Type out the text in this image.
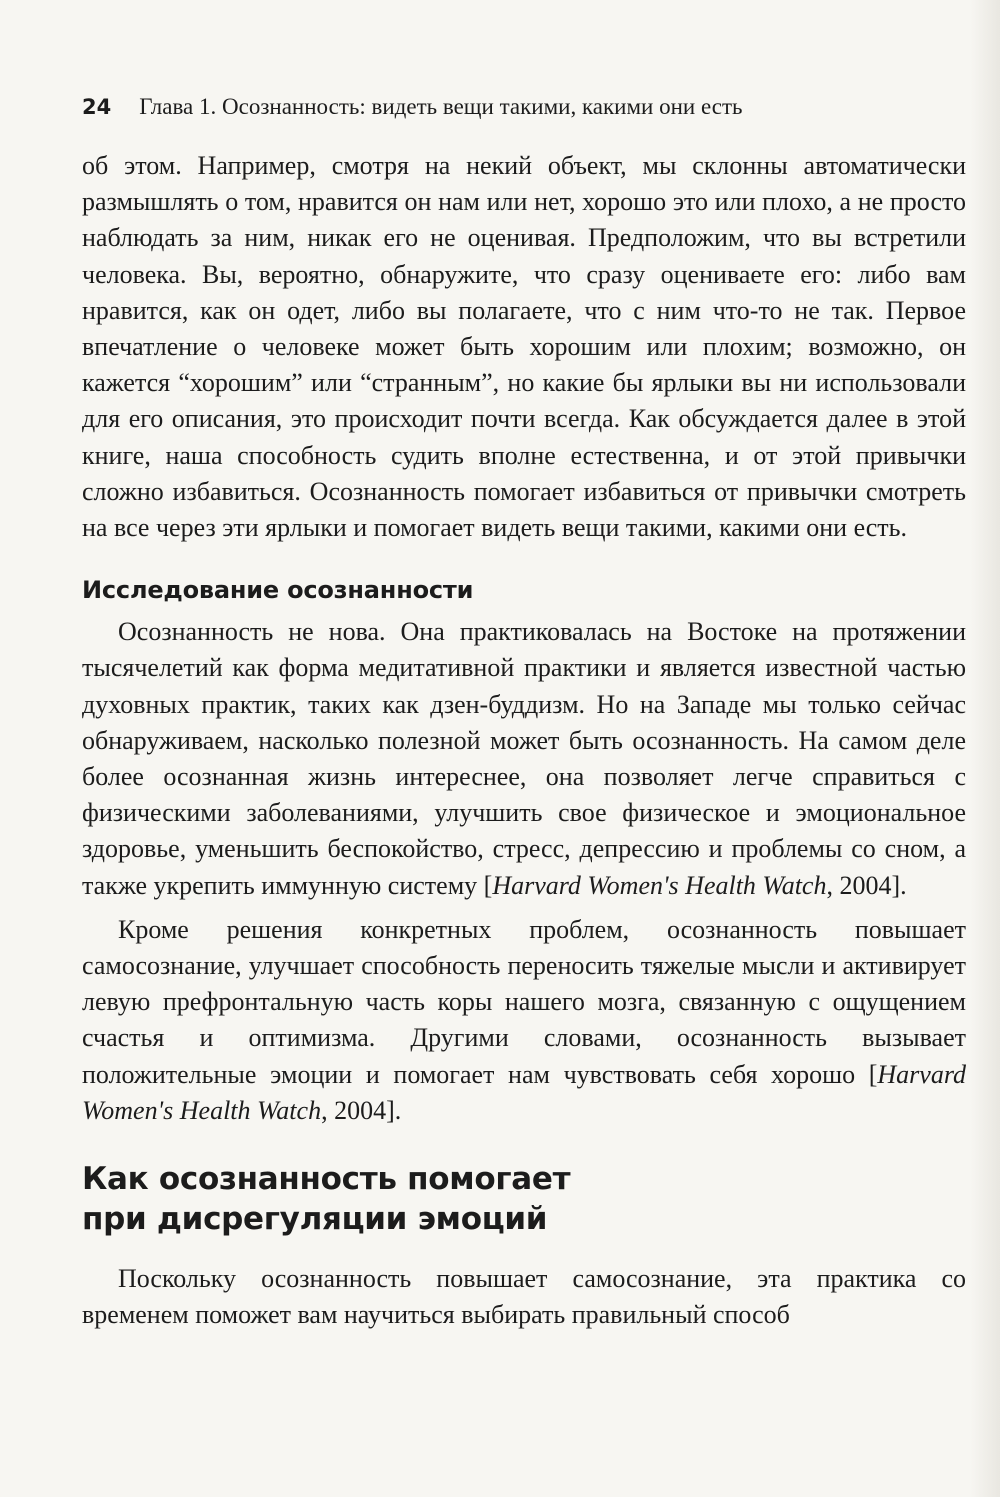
24 Глава 1. Осознанность: видеть вещи такими, какими они есть

об этом. Например, смотря на некий объект, мы склонны автоматически размышлять о том, нравится он нам или нет, хорошо это или плохо, а не просто наблюдать за ним, никак его не оценивая. Предположим, что вы встретили человека. Вы, вероятно, обнаружите, что сразу оцениваете его: либо вам нравится, как он одет, либо вы полагаете, что с ним что-то не так. Первое впечатление о человеке может быть хорошим или плохим; возможно, он кажется “хорошим” или “странным”, но какие бы ярлыки вы ни использовали для его описания, это происходит почти всегда. Как обсуждается далее в этой книге, наша способность судить вполне естественна, и от этой привычки сложно избавиться. Осознанность помогает избавиться от привычки смотреть на все через эти ярлыки и помогает видеть вещи такими, какими они есть.

Исследование осознанности

Осознанность не нова. Она практиковалась на Востоке на протяжении тысячелетий как форма медитативной практики и является известной частью духовных практик, таких как дзен-буддизм. Но на Западе мы только сейчас обнаруживаем, насколько полезной может быть осознанность. На самом деле более осознанная жизнь интереснее, она позволяет легче справиться с физическими заболеваниями, улучшить свое физическое и эмоциональное здоровье, уменьшить беспокойство, стресс, депрессию и проблемы со сном, а также укрепить иммунную систему [Harvard Women's Health Watch, 2004].

Кроме решения конкретных проблем, осознанность повышает самосознание, улучшает способность переносить тяжелые мысли и активирует левую префронтальную часть коры нашего мозга, связанную с ощущением счастья и оптимизма. Другими словами, осознанность вызывает положительные эмоции и помогает нам чувствовать себя хорошо [Harvard Women's Health Watch, 2004].

Как осознанность помогает
при дисрегуляции эмоций

Поскольку осознанность повышает самосознание, эта практика со временем поможет вам научиться выбирать правильный способ
